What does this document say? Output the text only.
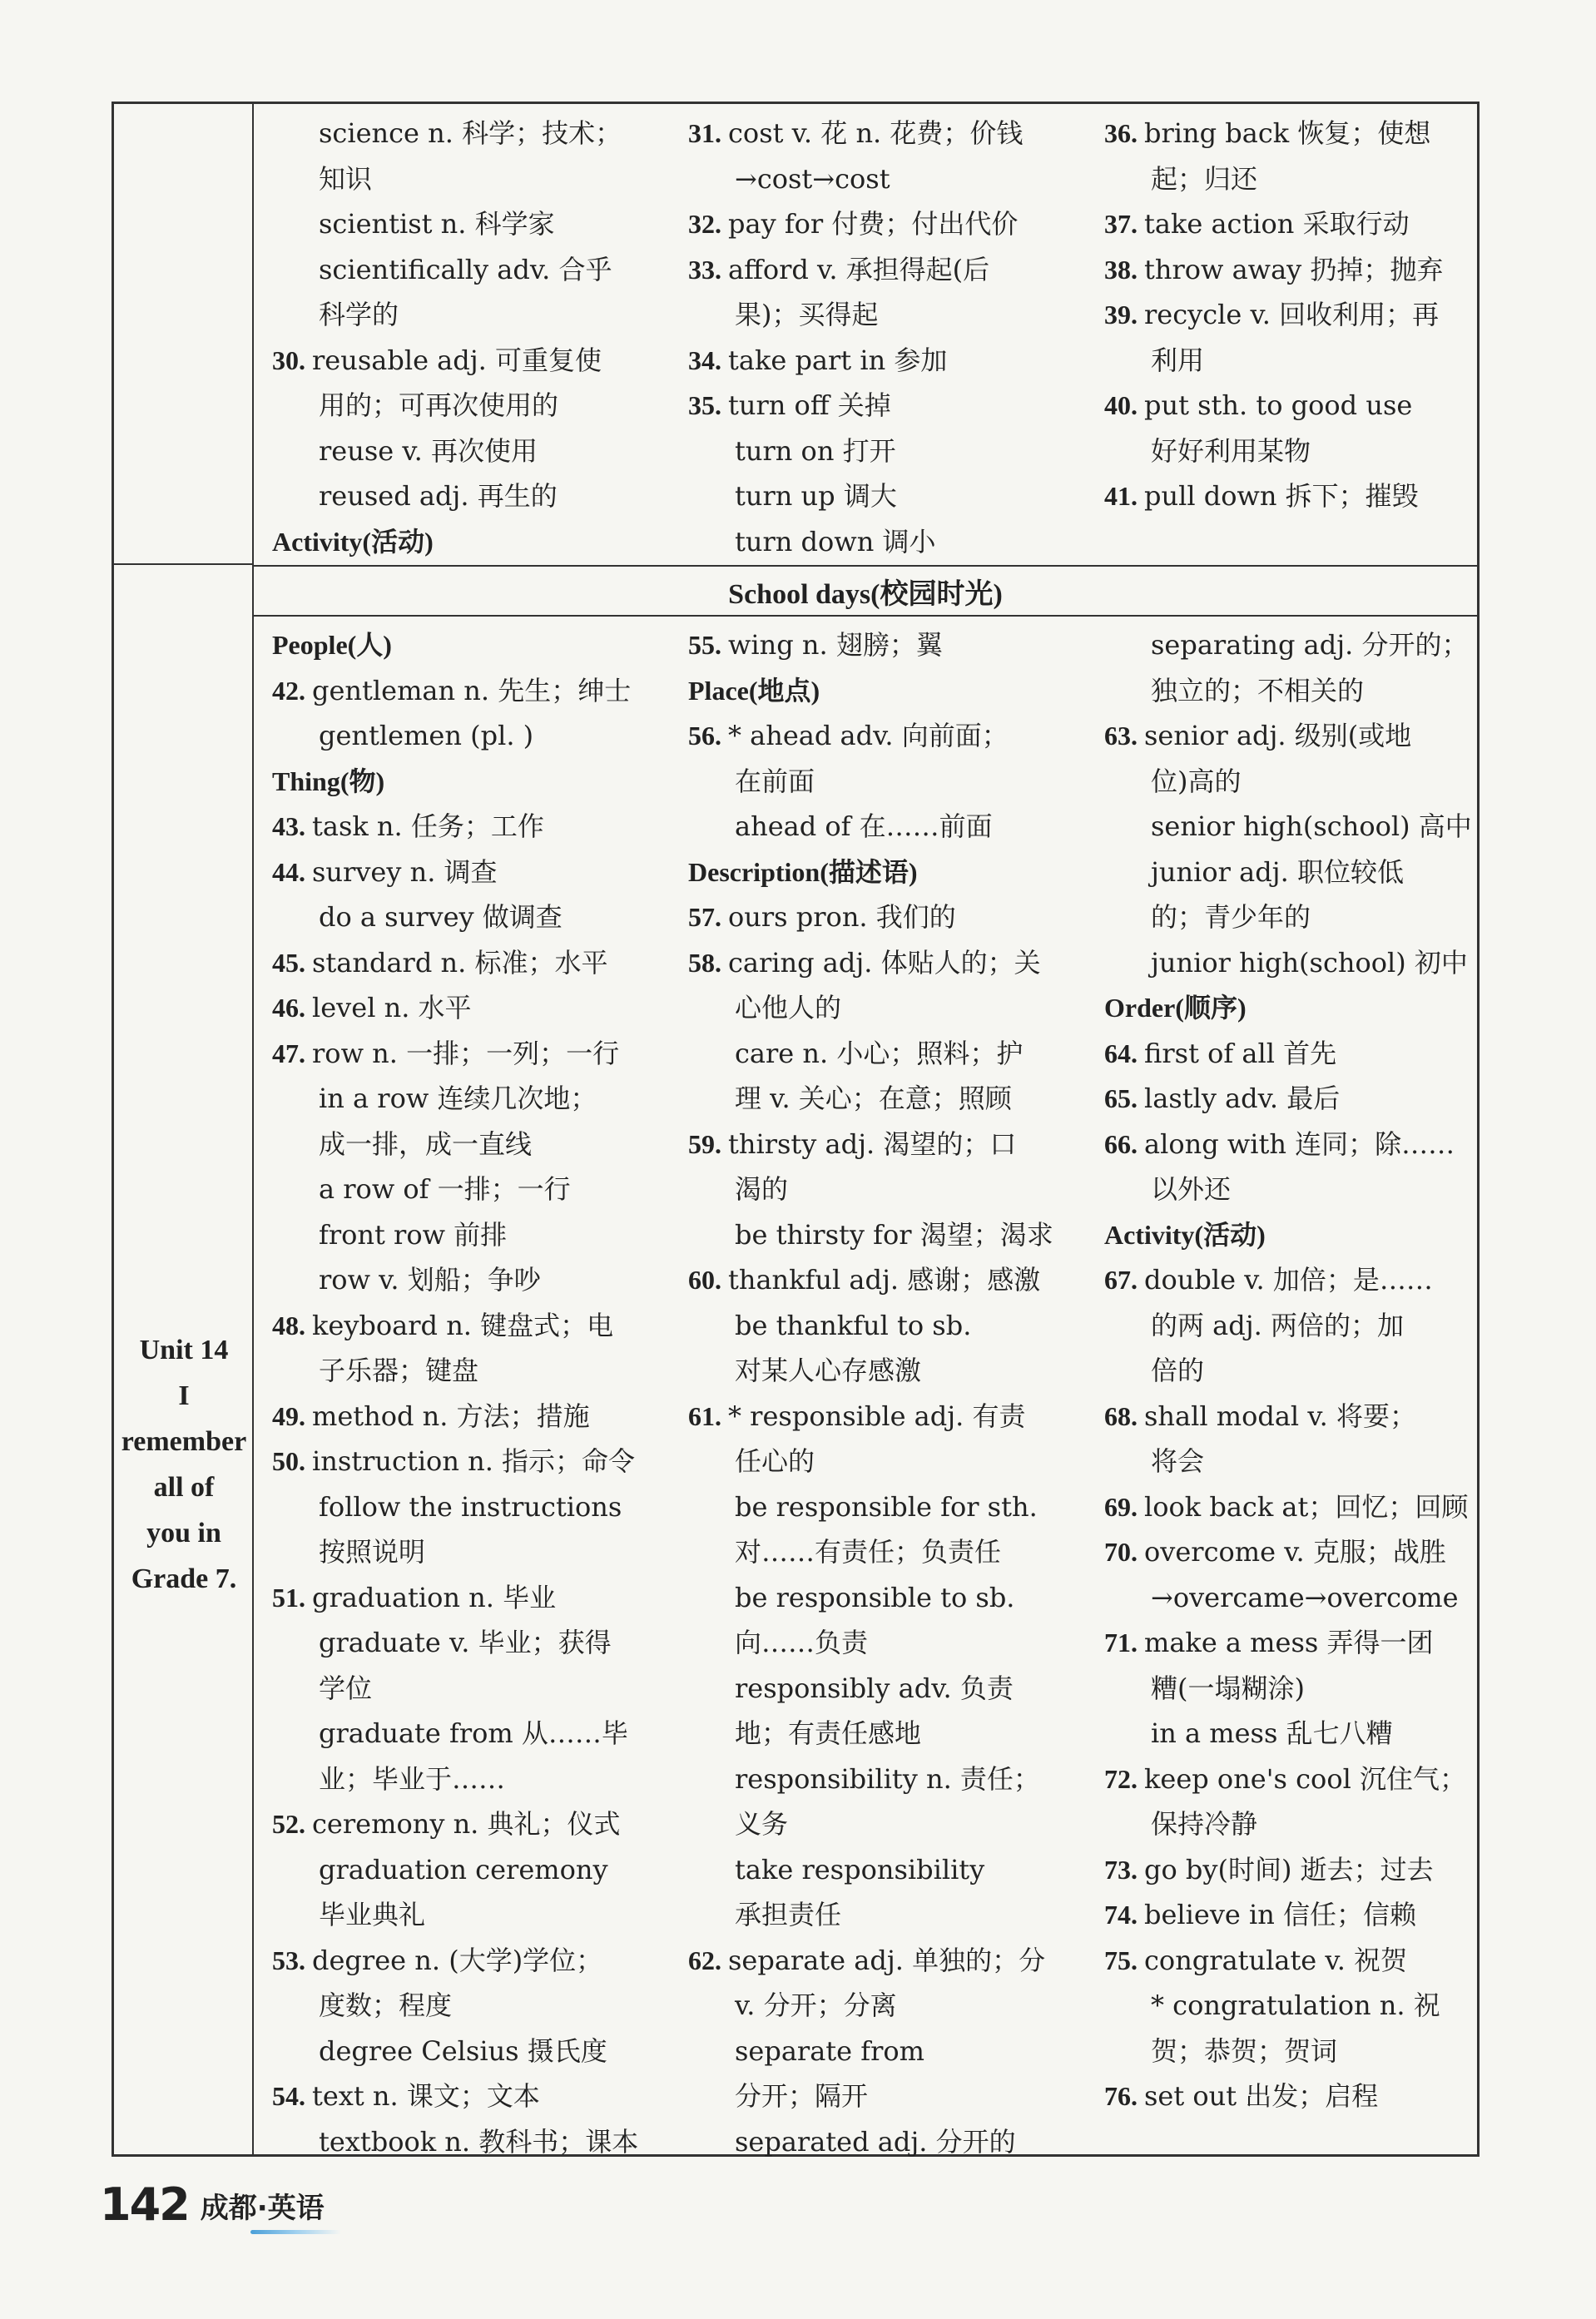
School days(校园时光)
Unit 14
I
remember
all of
you in
Grade 7.
science n. 科学；技术；
知识
scientist n. 科学家
scientifically adv. 合乎
科学的
30. reusable adj. 可重复使
用的；可再次使用的
reuse v. 再次使用
reused adj. 再生的
Activity(活动)
31. cost v. 花 n. 花费；价钱
→cost→cost
32. pay for 付费；付出代价
33. afford v. 承担得起(后
果)；买得起
34. take part in 参加
35. turn off 关掉
turn on 打开
turn up 调大
turn down 调小
36. bring back 恢复；使想
起；归还
37. take action 采取行动
38. throw away 扔掉；抛弃
39. recycle v. 回收利用；再
利用
40. put sth. to good use
好好利用某物
41. pull down 拆下；摧毁
People(人)
42. gentleman n. 先生；绅士
gentlemen (pl. )
Thing(物)
43. task n. 任务；工作
44. survey n. 调查
do a survey 做调查
45. standard n. 标准；水平
46. level n. 水平
47. row n. 一排；一列；一行
in a row 连续几次地；
成一排，成一直线
a row of 一排；一行
front row 前排
row v. 划船；争吵
48. keyboard n. 键盘式；电
子乐器；键盘
49. method n. 方法；措施
50. instruction n. 指示；命令
follow the instructions
按照说明
51. graduation n. 毕业
graduate v. 毕业；获得
学位
graduate from 从……毕
业；毕业于……
52. ceremony n. 典礼；仪式
graduation ceremony
毕业典礼
53. degree n. (大学)学位；
度数；程度
degree Celsius 摄氏度
54. text n. 课文；文本
textbook n. 教科书；课本
55. wing n. 翅膀；翼
Place(地点)
56. * ahead adv. 向前面；
在前面
ahead of 在……前面
Description(描述语)
57. ours pron. 我们的
58. caring adj. 体贴人的；关
心他人的
care n. 小心；照料；护
理 v. 关心；在意；照顾
59. thirsty adj. 渴望的；口
渴的
be thirsty for 渴望；渴求
60. thankful adj. 感谢；感激
be thankful to sb.
对某人心存感激
61. * responsible adj. 有责
任心的
be responsible for sth.
对……有责任；负责任
be responsible to sb.
向……负责
responsibly adv. 负责
地；有责任感地
responsibility n. 责任；
义务
take responsibility
承担责任
62. separate adj. 单独的；分
v. 分开；分离
separate from
分开；隔开
separated adj. 分开的
separating adj. 分开的；
独立的；不相关的
63. senior adj. 级别(或地
位)高的
senior high(school) 高中
junior adj. 职位较低
的；青少年的
junior high(school) 初中
Order(顺序)
64. first of all 首先
65. lastly adv. 最后
66. along with 连同；除……
以外还
Activity(活动)
67. double v. 加倍；是……
的两 adj. 两倍的；加
倍的
68. shall modal v. 将要；
将会
69. look back at；回忆；回顾
70. overcome v. 克服；战胜
→overcame→overcome
71. make a mess 弄得一团
糟(一塌糊涂)
in a mess 乱七八糟
72. keep one's cool 沉住气；
保持冷静
73. go by(时间) 逝去；过去
74. believe in 信任；信赖
75. congratulate v. 祝贺
* congratulation n. 祝
贺；恭贺；贺词
76. set out 出发；启程
142 成都·英语
